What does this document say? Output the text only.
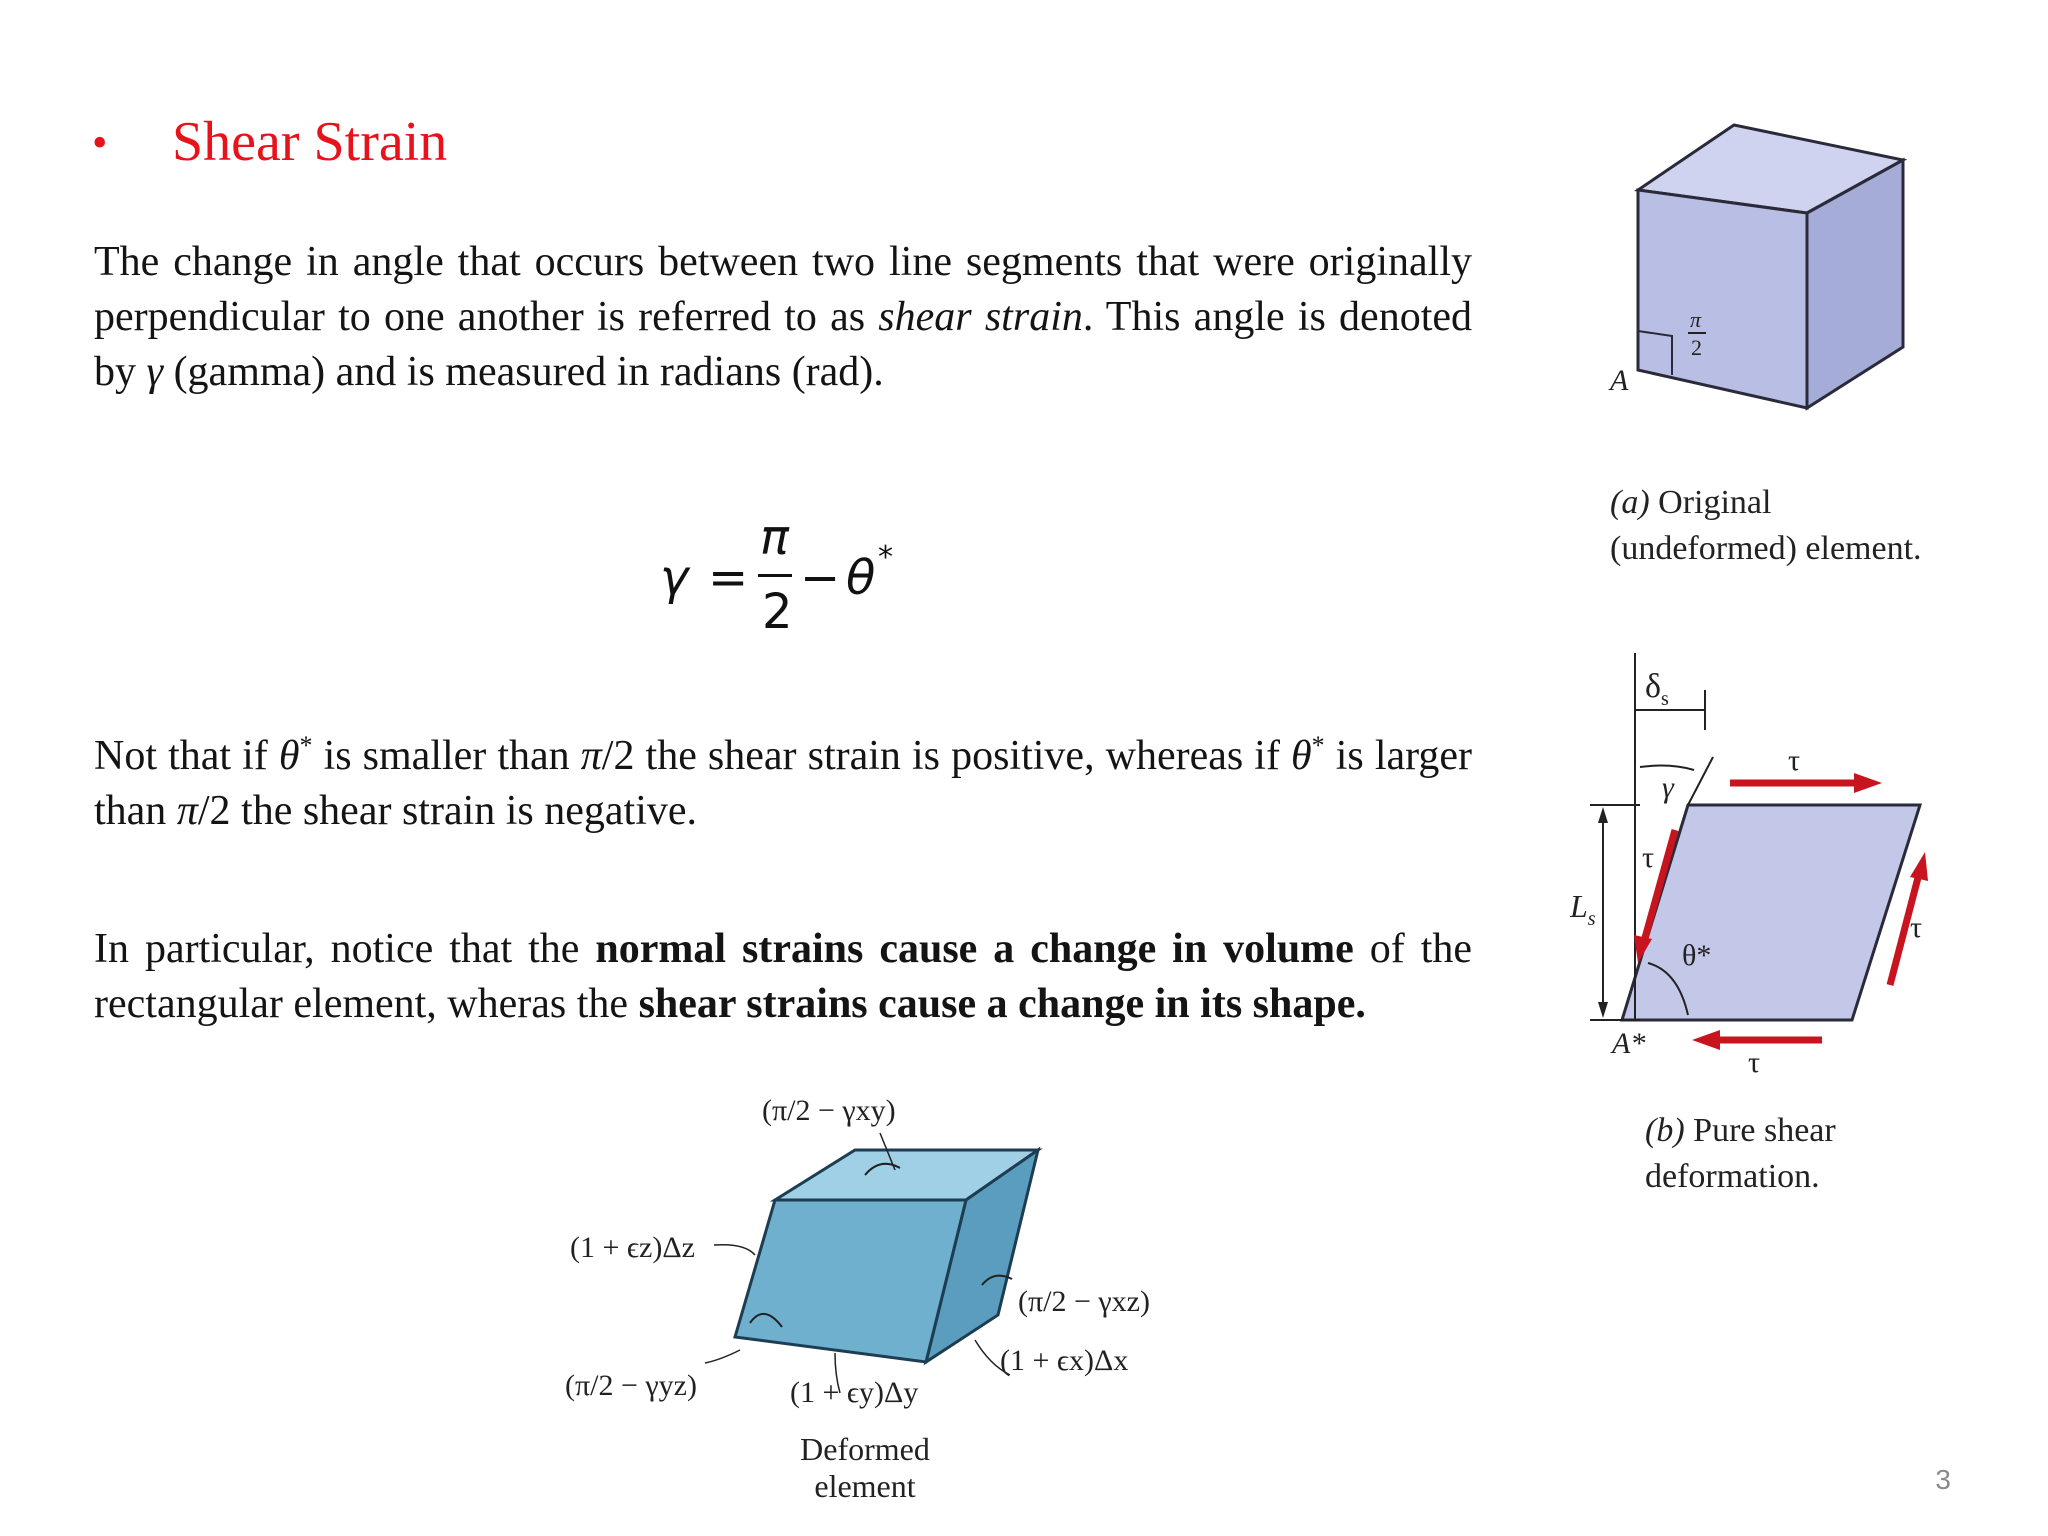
•	Shear Strain
The change in angle that occurs between two line segments that were originally perpendicular to one another is referred to as shear strain. This angle is denoted by γ (gamma) and is measured in radians (rad).
γ =
π
2
− θ *
Not that if θ* is smaller than π/2 the shear strain is positive, whereas if θ* is larger than π/2 the shear strain is negative.
In particular, notice that the normal strains cause a change in volume of the rectangular element, wheras the shear strains cause a change in its shape.
π
2
A
(a) Original
(undeformed) element.
$\delta_s$
γ
τ
τ
τ
τ
$L_s$
θ*
A*
(b) Pure shear
deformation.
(π/2 − γxy)
(1 + ϵz)Δz
(π/2 − γxz)
(π/2 − γyz)
(1 + ϵx)Δx
(1 + ϵy)Δy
Deformed
element	3
